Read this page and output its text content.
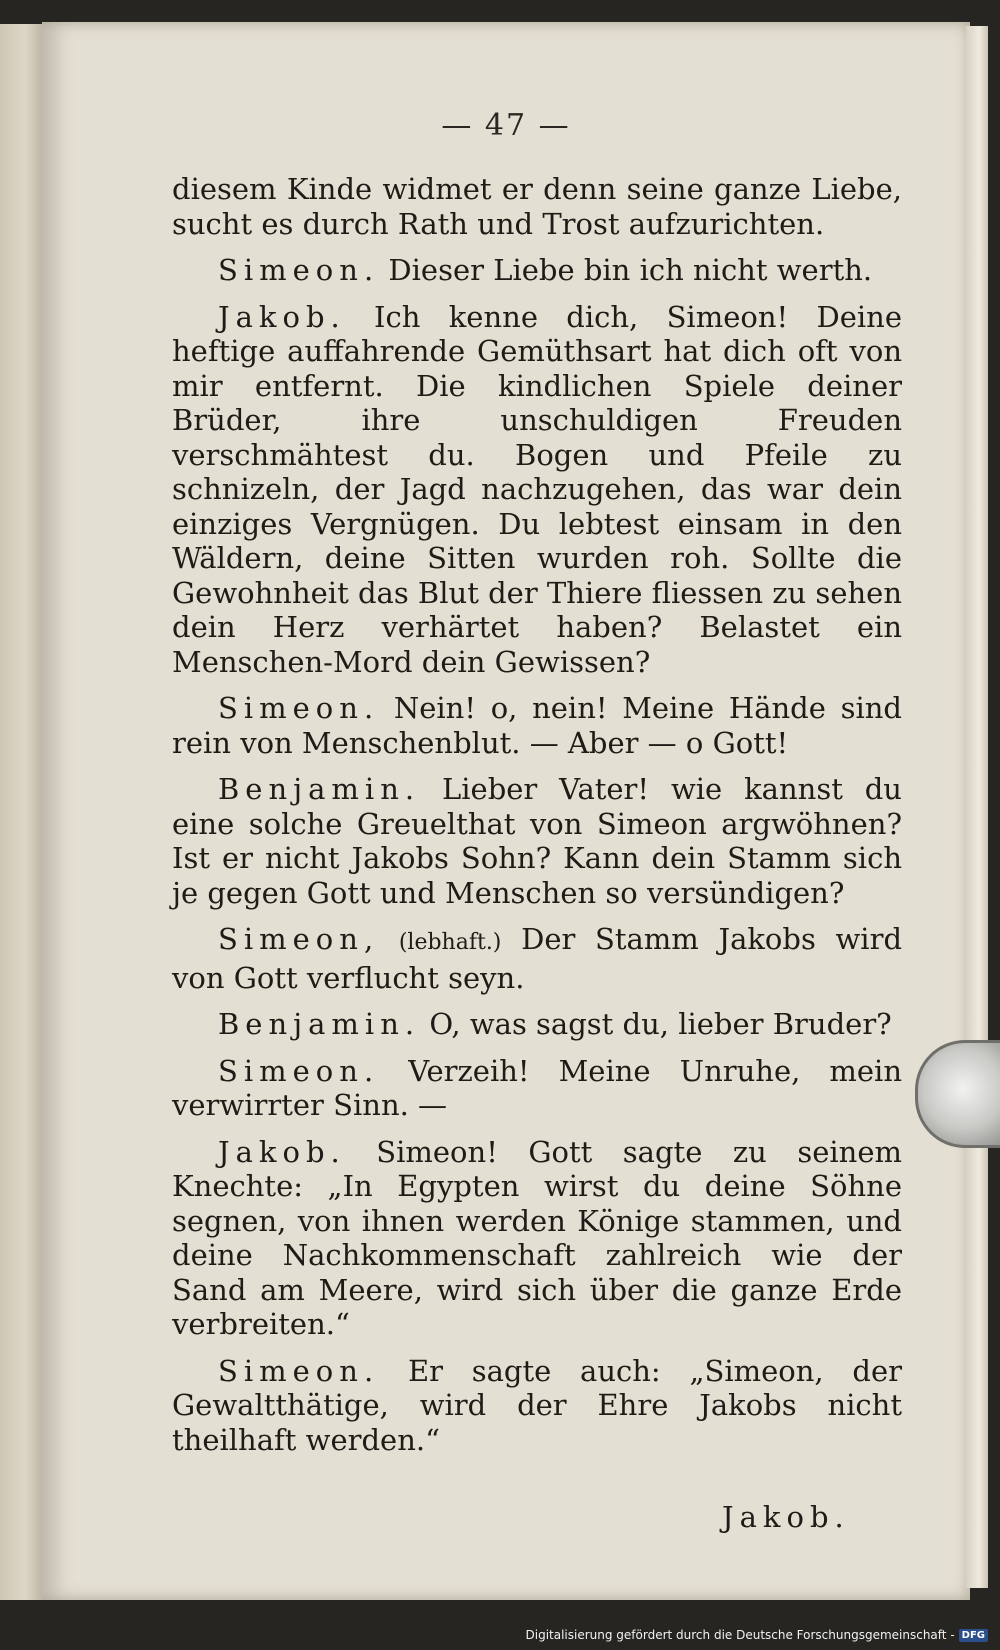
— 47 —

diesem Kinde widmet er denn seine ganze Liebe, sucht es durch Rath und Trost aufzurichten.

Simeon. Dieser Liebe bin ich nicht werth.

Jakob. Ich kenne dich, Simeon! Deine heftige auffahrende Gemüthsart hat dich oft von mir entfernt. Die kindlichen Spiele deiner Brüder, ihre unschuldigen Freuden verschmähtest du. Bogen und Pfeile zu schnizeln, der Jagd nachzugehen, das war dein einziges Vergnügen. Du lebtest einsam in den Wäldern, deine Sitten wurden roh. Sollte die Gewohnheit das Blut der Thiere fliessen zu sehen dein Herz verhärtet haben? Belastet ein Menschen-Mord dein Gewissen?

Simeon. Nein! o, nein! Meine Hände sind rein von Menschenblut. — Aber — o Gott!

Benjamin. Lieber Vater! wie kannst du eine solche Greuelthat von Simeon argwöhnen? Ist er nicht Jakobs Sohn? Kann dein Stamm sich je gegen Gott und Menschen so versündigen?

Simeon, (lebhaft.) Der Stamm Jakobs wird von Gott verflucht seyn.

Benjamin. O, was sagst du, lieber Bruder?

Simeon. Verzeih! Meine Unruhe, mein verwirrter Sinn. —

Jakob. Simeon! Gott sagte zu seinem Knechte: „In Egypten wirst du deine Söhne segnen, von ihnen werden Könige stammen, und deine Nachkommenschaft zahlreich wie der Sand am Meere, wird sich über die ganze Erde verbreiten.“

Simeon. Er sagte auch: „Simeon, der Gewaltthätige, wird der Ehre Jakobs nicht theilhaft werden.“

Jakob.
Digitalisierung gefördert durch die Deutsche Forschungsgemeinschaft - DFG
